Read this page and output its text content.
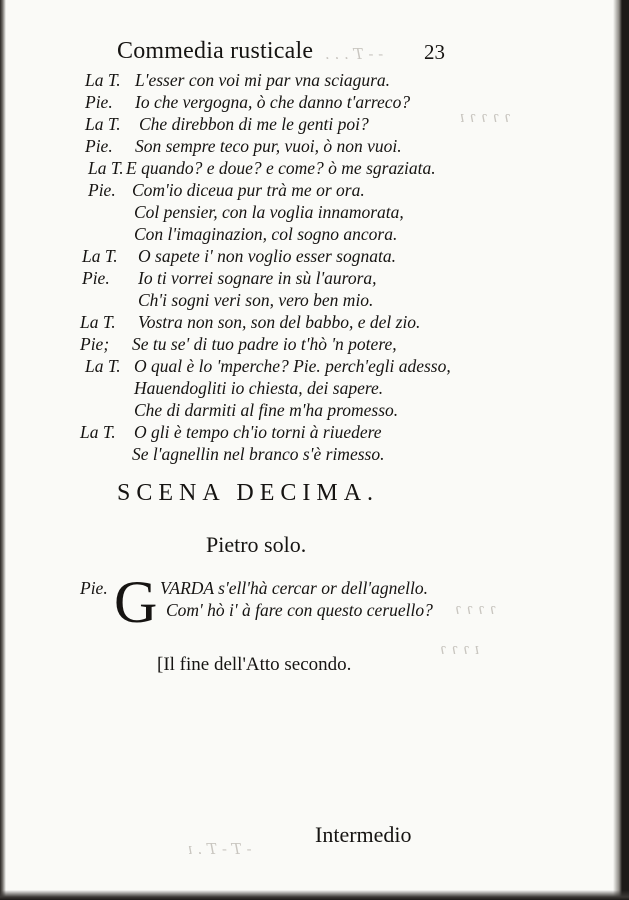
- - T . . .
ɿ ɿ ɿ ɿ ı
ɿ ɿ ɿ ɿ
ı ɿ ɿ ɿ
- T - T . ı
Commedia rusticale	23
La T. L'esser con voi mi par vna sciagura.
Pie. Io che vergogna, ò che danno t'arreco?
La T. Che direbbon di me le genti poi?
Pie. Son sempre teco pur, vuoi, ò non vuoi.
La T. E quando? e doue? e come? ò me sgraziata.
Pie. Com'io diceua pur trà me or ora.
Col pensier, con la voglia innamorata,
Con l'imaginazion, col sogno ancora.
La T. O sapete i' non voglio esser sognata.
Pie. Io ti vorrei sognare in sù l'aurora,
Ch'i sogni veri son, vero ben mio.
La T. Vostra non son, son del babbo, e del zio.
Pie; Se tu se' di tuo padre io t'hò 'n potere,
La T. O qual è lo 'mperche? Pie. perch'egli adesso,
Hauendogliti io chiesta, dei sapere.
Che di darmiti al fine m'ha promesso.
La T. O gli è tempo ch'io torni à riuedere
Se l'agnellin nel branco s'è rimesso.
SCENA DECIMA.
Pietro solo.
Pie. G VARDA s'ell'hà cercar or dell'agnello.
Com' hò i' à fare con questo ceruello?
[Il fine dell'Atto secondo.
Intermedio
